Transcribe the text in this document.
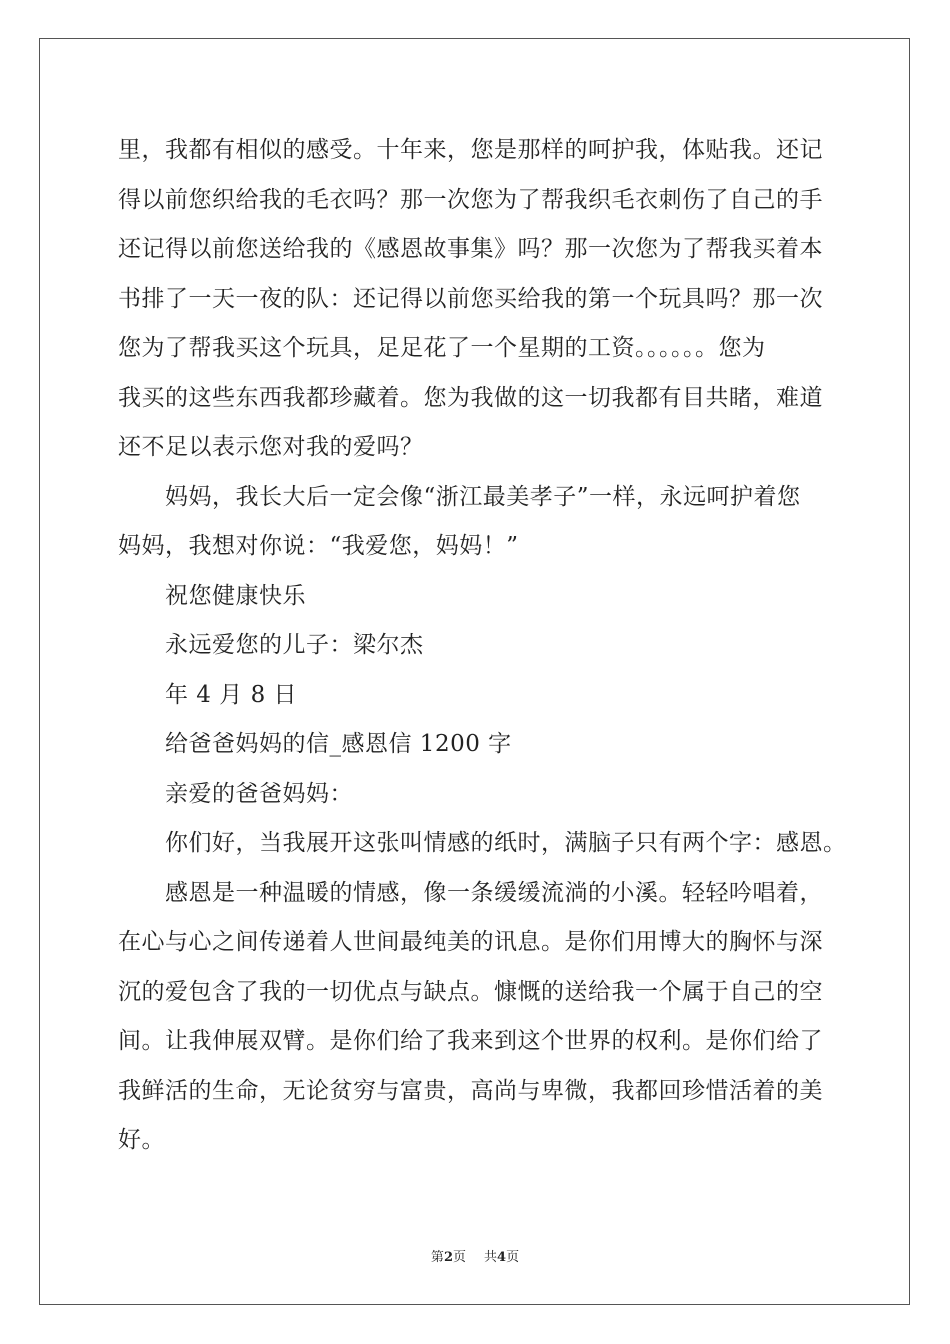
里，我都有相似的感受。十年来，您是那样的呵护我，体贴我。还记
得以前您织给我的毛衣吗？那一次您为了帮我织毛衣刺伤了自己的手
还记得以前您送给我的《感恩故事集》吗？那一次您为了帮我买着本
书排了一天一夜的队：还记得以前您买给我的第一个玩具吗？那一次
您为了帮我买这个玩具，足足花了一个星期的工资。。。。。。您为
我买的这些东西我都珍藏着。您为我做的这一切我都有目共睹，难道
还不足以表示您对我的爱吗？
妈妈，我长大后一定会像“浙江最美孝子”一样，永远呵护着您
妈妈，我想对你说：“我爱您，妈妈！”
祝您健康快乐
永远爱您的儿子：梁尔杰
年 4 月 8 日
给爸爸妈妈的信_感恩信 1200 字
亲爱的爸爸妈妈：
你们好，当我展开这张叫情感的纸时，满脑子只有两个字：感恩。
感恩是一种温暖的情感，像一条缓缓流淌的小溪。轻轻吟唱着，
在心与心之间传递着人世间最纯美的讯息。是你们用博大的胸怀与深
沉的爱包含了我的一切优点与缺点。慷慨的送给我一个属于自己的空
间。让我伸展双臂。是你们给了我来到这个世界的权利。是你们给了
我鲜活的生命，无论贫穷与富贵，高尚与卑微，我都回珍惜活着的美
好。
第2页 共4页
